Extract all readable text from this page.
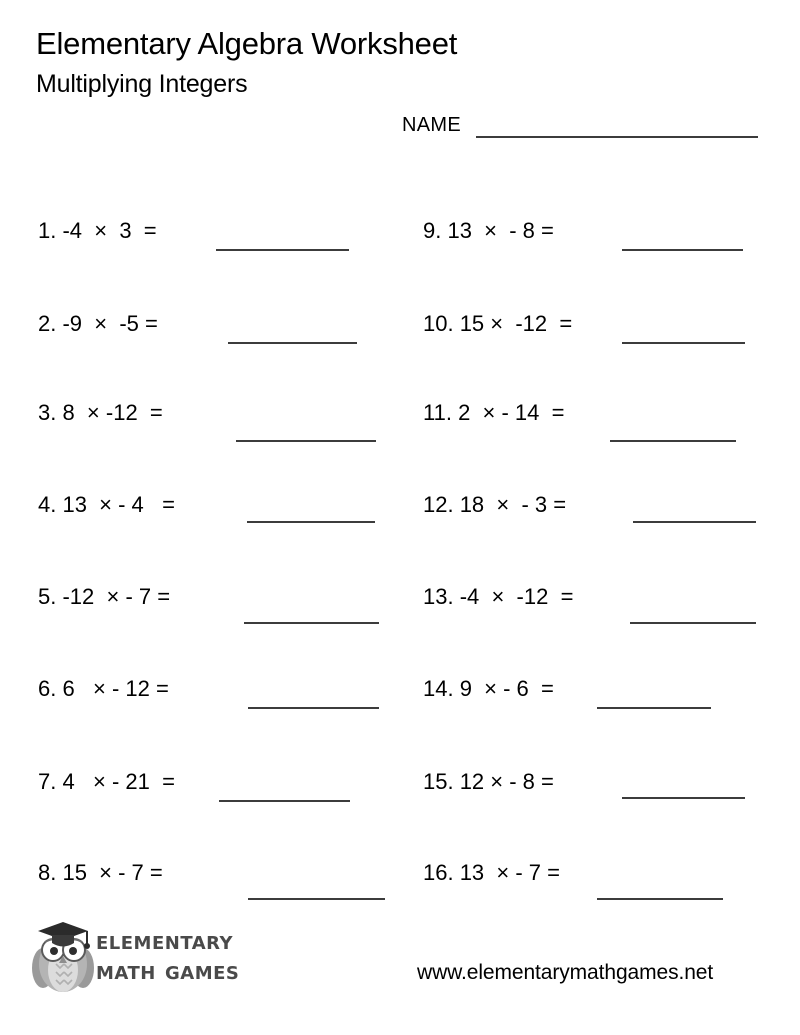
Elementary Algebra Worksheet
Multiplying Integers
NAME
1. -4  ×  3  =
2. -9  ×  -5 =
3. 8  × -12  =
4. 13  × - 4   =
5. -12  × - 7 =
6. 6   × - 12 =
7. 4   × - 21  =
8. 15  × - 7 =
9. 13  ×  - 8 =
10. 15 ×  -12  =
11. 2  × - 14  =
12. 18  ×  - 3 =
13. -4  ×  -12  =
14. 9  × - 6  =
15. 12 × - 8 =
16. 13  × - 7 =
elementary
math games	www.elementarymathgames.net
